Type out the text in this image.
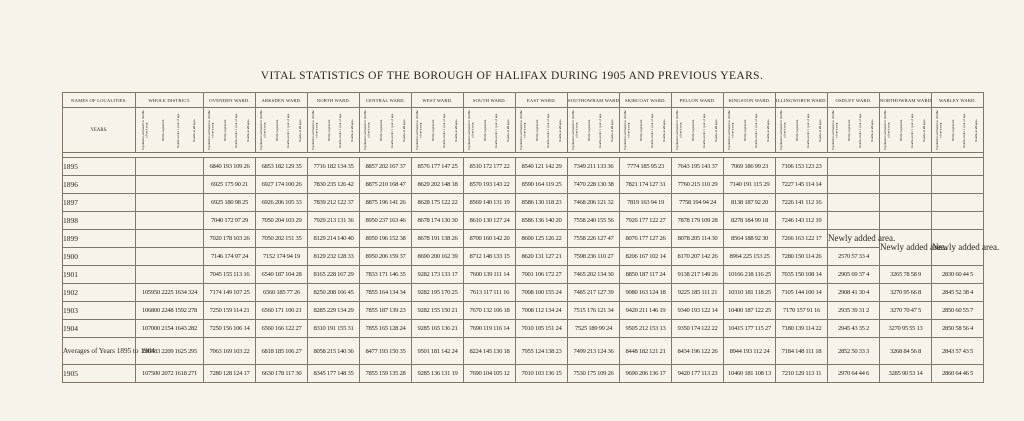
VITAL STATISTICS OF THE BOROUGH OF HALIFAX DURING 1905 AND PREVIOUS YEARS.
NAMES OF LOCALITIES.	WHOLE DISTRICT.	OVENDEN WARD.	ARKSDEN WARD.	NORTH WARD.	CENTRAL WARD.	WEST WARD.	SOUTH WARD.	EAST WARD.	SOUTHOWRAM WARD.	SKIRCOAT WARD.	PELLON WARD.	KINGSTON WARD.	ILLINGWORTH WARD.	OSDLEY WARD.	NORTHOWRAM WARD.	WARLEY WARD.
YEARS.	Population estimated to middle of each year. Births registered. Deaths under 1 year of age. Deaths at all ages.	Population estimated to middle of each year. Births registered. Deaths under 1 year of age. Deaths at all ages.	Population estimated to middle of each year. Births registered. Deaths under 1 year of age. Deaths at all ages.	Population estimated to middle of each year. Births registered. Deaths under 1 year of age. Deaths at all ages.	Population estimated to middle of each year. Births registered. Deaths under 1 year of age. Deaths at all ages.	Population estimated to middle of each year. Births registered. Deaths under 1 year of age. Deaths at all ages.	Population estimated to middle of each year. Births registered. Deaths under 1 year of age. Deaths at all ages.	Population estimated to middle of each year. Births registered. Deaths under 1 year of age. Deaths at all ages.	Population estimated to middle of each year. Births registered. Deaths under 1 year of age. Deaths at all ages.	Population estimated to middle of each year. Births registered. Deaths under 1 year of age. Deaths at all ages.	Population estimated to middle of each year. Births registered. Deaths under 1 year of age. Deaths at all ages.	Population estimated to middle of each year. Births registered. Deaths under 1 year of age. Deaths at all ages.	Population estimated to middle of each year. Births registered. Deaths under 1 year of age. Deaths at all ages.	Population estimated to middle of each year. Births registered. Deaths under 1 year of age. Deaths at all ages.	Population estimated to middle of each year. Births registered. Deaths under 1 year of age. Deaths at all ages.	Population estimated to middle of each year. Births registered. Deaths under 1 year of age. Deaths at all ages.

1895		6840 193 109 26	6853 182 129 35	7716 182 134 35	8857 202 167 37	8576 177 147 25	8510 172 177 22	8540 121 142 29	7349 211 133 36	7774 185 95 23	7643 195 143 37	7069 186 99 23	7106 153 123 23			
1896		6925 175 90 21	6927 174 100 26	7830 235 126 42	8875 210 168 47	8629 202 148 18	8570 193 143 22	8590 164 119 25	7470 228 130 38	7821 174 127 31	7760 215 110 29	7140 191 115 29	7227 145 114 14			
1897		6925 180 98 25	6926 206 105 33	7839 212 122 37	8875 196 141 26	8628 175 122 22	8569 140 131 19	8586 130 118 23	7468 206 121 32	7819 163 94 19	7758 194 94 24	8138 187 92 20	7226 141 112 16			
1898		7040 172 97 29	7050 204 103 29	7929 213 131 36	8950 237 163 46	8678 174 130 30	8610 130 127 24	8586 136 140 20	7558 240 155 56	7926 177 122 27	7878 179 109 28	8278 184 99 18	7246 143 112 19			
1899		7020 178 103 26	7050 202 151 35	8129 214 140 40	8950 196 152 38	8678 191 138 26	8700 160 142 20	8600 125 126 22	7558 226 127 47	8076 177 127 26	8078 205 114 30	8564 188 92 30	7266 163 122 17	Newly added area.	Newly added area.	Newly added area.
1900		7146 174 97 24	7152 174 94 19	8129 232 128 33	8950 206 159 37	8690 200 162 39	8712 148 133 15	8620 131 127 21	7598 236 110 27	8206 167 102 14	8170 207 142 26	8964 225 153 25	7280 150 114 26	2570 57 33 4		
1901		7045 155 113 16	6540 187 104 28	8165 228 167 29	7833 171 146 35	9282 173 133 17	7600 139 111 14	7001 106 172 27	7465 202 134 30	8850 187 117 24	9138 217 149 26	10166 218 116 25	7035 150 108 14	2905 69 37 4	3265 78 58 9	2830 60 44 5
1902	105950 2225 1634 324	7174 149 107 25	6560 185 77 26	8250 208 166 45	7855 164 134 34	9282 195 170 25	7613 117 111 16	7008 100 155 24	7485 217 127 39	9080 163 124 18	9225 185 111 21	10310 181 118 25	7105 144 100 14	2908 41 30 4	3270 95 66 8	2845 52 38 4
1903	106800 2248 1592 278	7250 159 114 21	6560 171 100 21	8285 229 134 29	7855 187 139 23	9282 155 150 21	7670 132 106 18	7008 112 134 24	7515 176 121 34	9420 211 146 19	9340 193 122 14	10400 187 122 25	7170 157 91 16	2935 39 31 2	3270 70 47 5	2850 60 55 7
1904	107000 2154 1643 282	7250 156 106 14	6560 166 122 27	8310 191 155 31	7855 165 128 24	9285 165 136 21	7690 119 116 14	7010 105 151 24	7525 189 99 24	9505 212 153 13	9350 174 122 22	10415 177 115 27	7180 139 114 22	2945 43 35 2	3270 95 55 13	2850 58 56 4
Averages of Years 1895 to 1904	106583 2209 1625 295	7063 169 103 22	6818 185 106 27	8058 215 140 36	8477 193 150 35	9501 181 142 24	8224 145 130 18	7955 124 138 23	7499 213 124 36	8448 182 121 21	8434 196 122 26	8944 193 112 24	7184 148 111 18	2852 50 33 3	3268 84 56 8	2843 57 43 5
1905	107500 2072 1618 271	7280 128 124 17	6630 178 117 30	8345 177 148 35	7855 159 135 28	9285 136 131 19	7690 104 105 12	7010 103 136 15	7530 175 109 26	9690 206 136 17	9420 177 113 23	10460 181 108 13	7210 129 113 11	2970 64 44 6	3285 90 53 14	2860 64 46 5
